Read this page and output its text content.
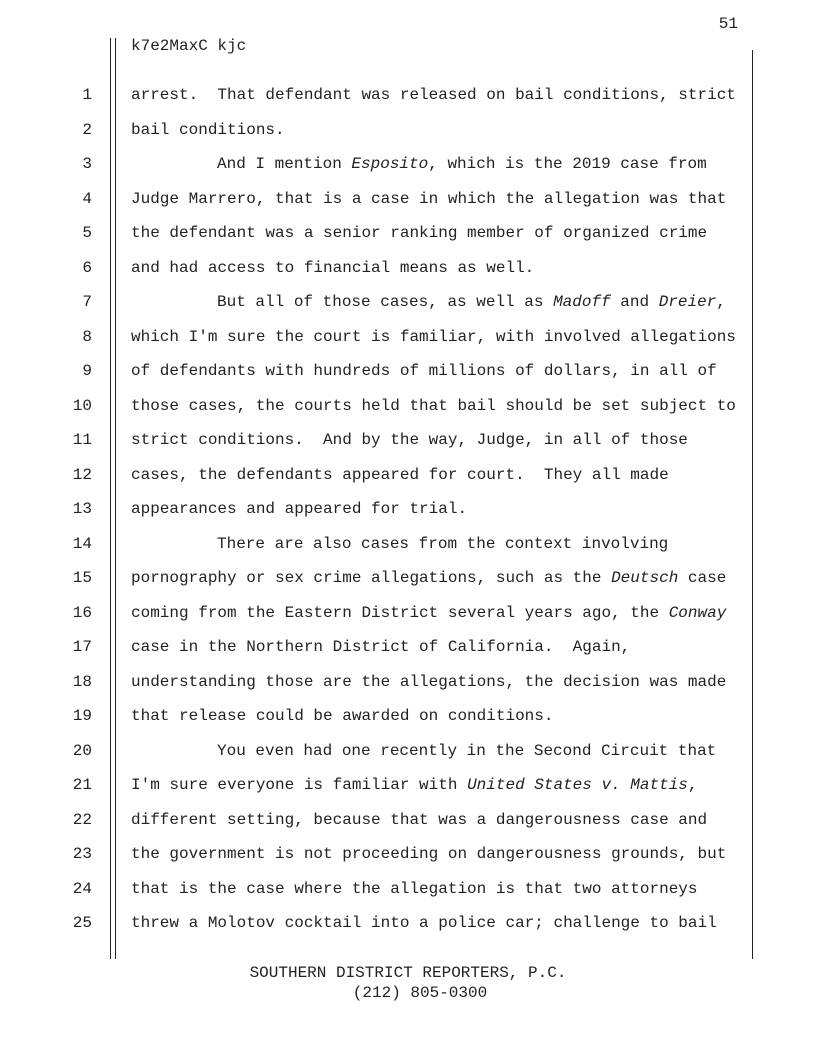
51
k7e2MaxC kjc
1 arrest.  That defendant was released on bail conditions, strict
2 bail conditions.
3	And I mention Esposito, which is the 2019 case from
4 Judge Marrero, that is a case in which the allegation was that
5 the defendant was a senior ranking member of organized crime
6 and had access to financial means as well.
7	But all of those cases, as well as Madoff and Dreier,
8 which I'm sure the court is familiar, with involved allegations
9 of defendants with hundreds of millions of dollars, in all of
10 those cases, the courts held that bail should be set subject to
11 strict conditions.  And by the way, Judge, in all of those
12 cases, the defendants appeared for court.  They all made
13 appearances and appeared for trial.
14	There are also cases from the context involving
15 pornography or sex crime allegations, such as the Deutsch case
16 coming from the Eastern District several years ago, the Conway
17 case in the Northern District of California.  Again,
18 understanding those are the allegations, the decision was made
19 that release could be awarded on conditions.
20	You even had one recently in the Second Circuit that
21 I'm sure everyone is familiar with United States v. Mattis,
22 different setting, because that was a dangerousness case and
23 the government is not proceeding on dangerousness grounds, but
24 that is the case where the allegation is that two attorneys
25 threw a Molotov cocktail into a police car; challenge to bail
SOUTHERN DISTRICT REPORTERS, P.C.
(212) 805-0300
